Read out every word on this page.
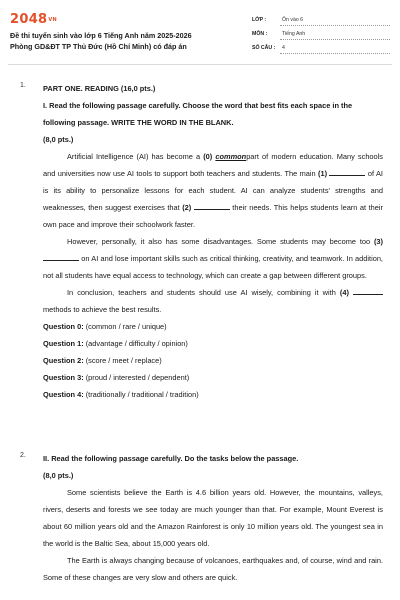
2048VN
Đề thi tuyển sinh vào lớp 6 Tiếng Anh năm 2025-2026
Phòng GD&ĐT TP Thủ Đức (Hồ Chí Minh) có đáp án
LỚP :	Ôn vào 6
MÔN :	Tiếng Anh
SỐ CÂU : 4
1. PART ONE. READING (16,0 pts.)

I. Read the following passage carefully. Choose the word that best fits each space in the following passage. WRITE THE WORD IN THE BLANK.

(8,0 pts.)

Artificial Intelligence (AI) has become a (0) commonpart of modern education. Many schools and universities now use AI tools to support both teachers and students. The main (1)	of AI is its ability to personalize lessons for each student. AI can analyze students' strengths and weaknesses, then suggest exercises that (2)	their needs. This helps students learn at their own pace and improve their schoolwork faster.

However, personally, it also has some disadvantages. Some students may become too (3)  on AI and lose important skills such as critical thinking, creativity, and teamwork. In addition, not all students have equal access to technology, which can create a gap between different groups.

In conclusion, teachers and students should use AI wisely, combining it with (4)  methods to achieve the best results.

Question 0: (common / rare / unique)

Question 1: (advantage / difficulty / opinion)

Question 2: (score / meet / replace)

Question 3: (proud / interested / dependent)

Question 4: (traditionally / traditional / tradition)

2. II. Read the following passage carefully. Do the tasks below the passage.

(8,0 pts.)

Some scientists believe the Earth is 4.6 billion years old. However, the mountains, valleys, rivers, deserts and forests we see today are much younger than that. For example, Mount Everest is about 60 million years old and the Amazon Rainforest is only 10 million years old. The youngest sea in the world is the Baltic Sea, about 15,000 years old.

The Earth is always changing because of volcanoes, earthquakes and, of course, wind and rain. Some of these changes are very slow and others are quick.
